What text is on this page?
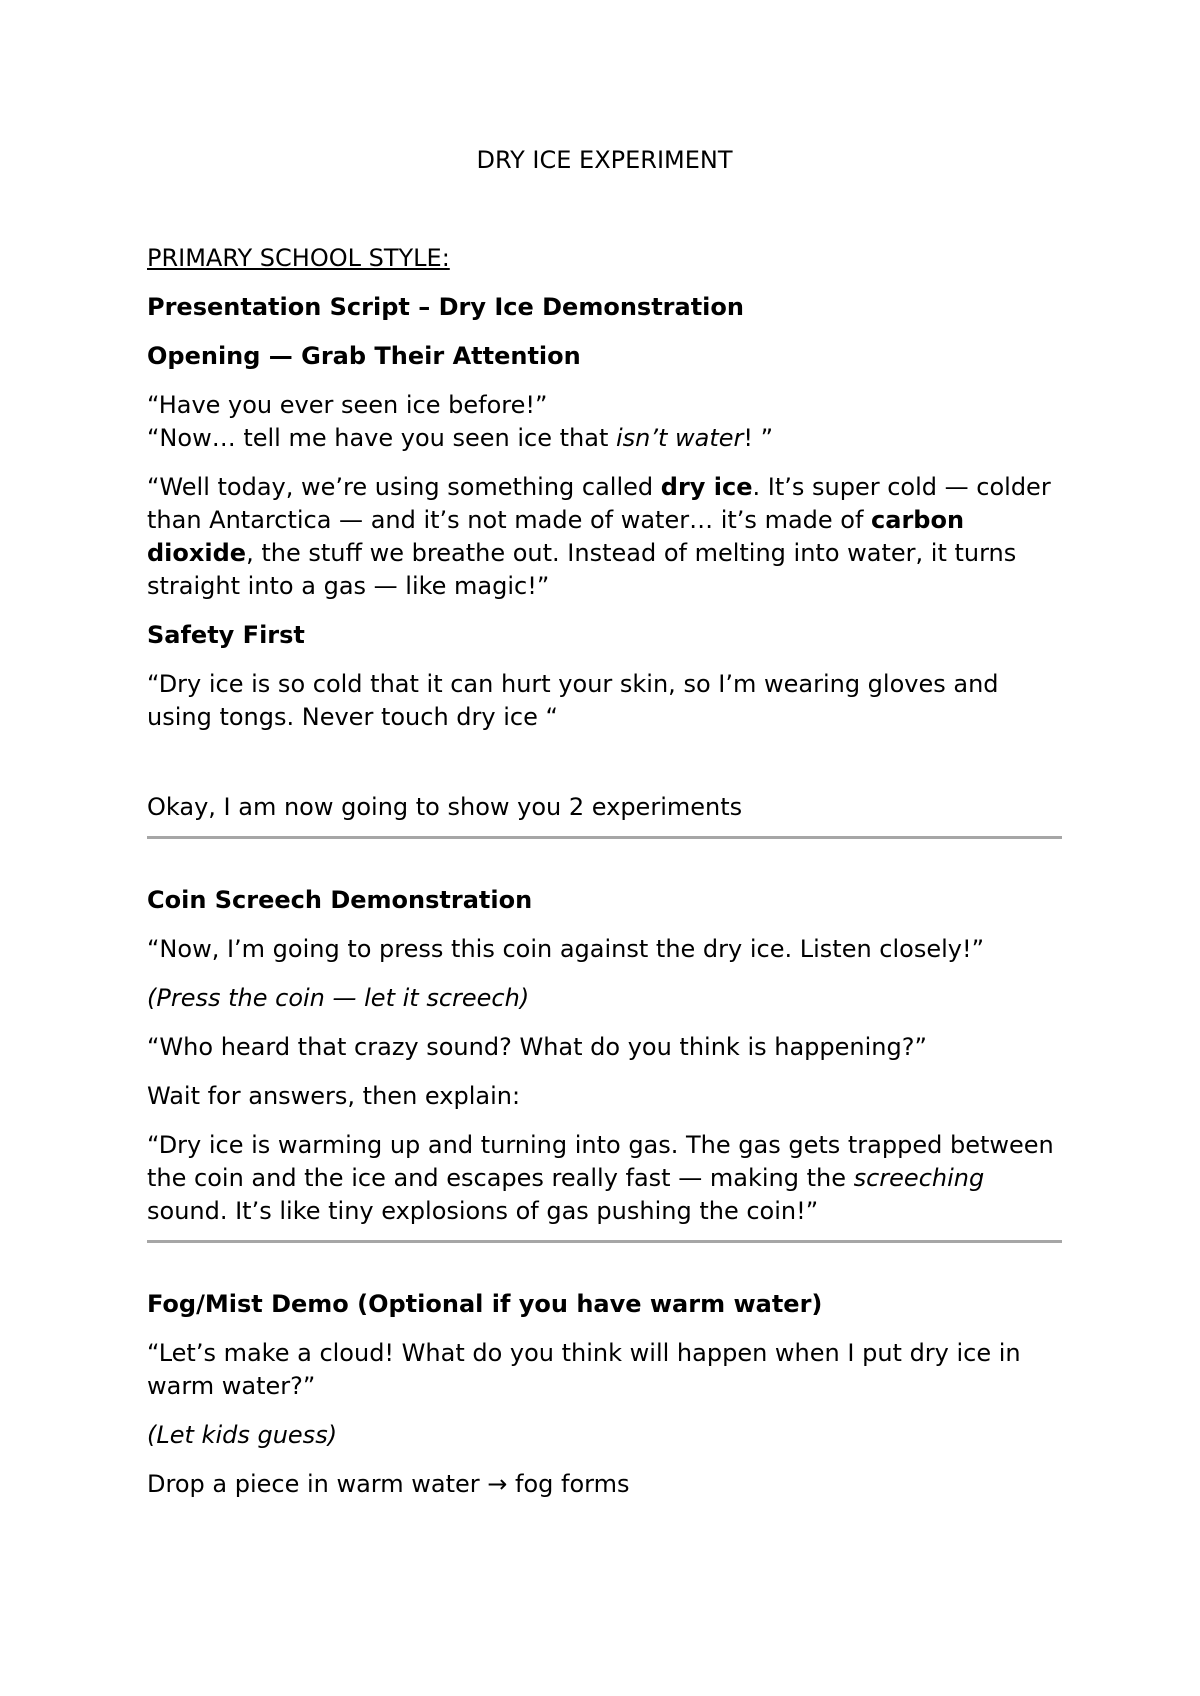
DRY ICE EXPERIMENT

PRIMARY SCHOOL STYLE:

Presentation Script – Dry Ice Demonstration

Opening — Grab Their Attention

“Have you ever seen ice before!”
“Now… tell me have you seen ice that isn’t water! ”

“Well today, we’re using something called dry ice. It’s super cold — colder than Antarctica — and it’s not made of water… it’s made of carbon dioxide, the stuff we breathe out. Instead of melting into water, it turns straight into a gas — like magic!”

Safety First

“Dry ice is so cold that it can hurt your skin, so I’m wearing gloves and using tongs. Never touch dry ice “

Okay, I am now going to show you 2 experiments

Coin Screech Demonstration

“Now, I’m going to press this coin against the dry ice. Listen closely!”

(Press the coin — let it screech)

“Who heard that crazy sound? What do you think is happening?”

Wait for answers, then explain:

“Dry ice is warming up and turning into gas. The gas gets trapped between the coin and the ice and escapes really fast — making the screeching sound. It’s like tiny explosions of gas pushing the coin!”

Fog/Mist Demo (Optional if you have warm water)

“Let’s make a cloud! What do you think will happen when I put dry ice in warm water?”

(Let kids guess)

Drop a piece in warm water → fog forms
